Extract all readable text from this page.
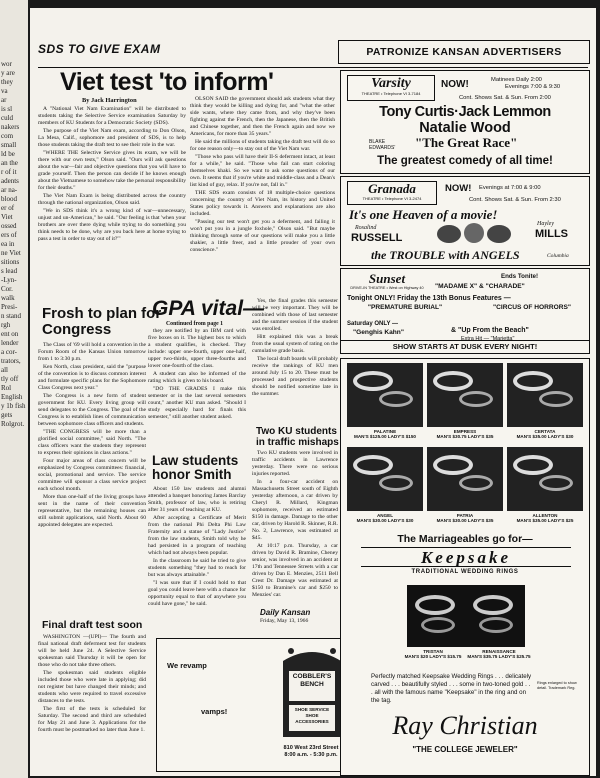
wor
y are
they
va
ar
is sl
culd
nakers
com
small
ld be
an the
r of it
adents
ar na-
blood
er of
Viet
ossed
ers of
ea in
ne Viet
sitions
s lead
-Lyn-
Cor.
walk
Presi-
n stand
rgh
ent on
lender
a cor-
trators,
all
tly off
Rol
English
y 1b fish
gets
Rolgrot.
SDS TO GIVE EXAM	PATRONIZE KANSAN ADVERTISERS
Viet test 'to inform'
By Jack Harrington

A "National Viet Nam Examination" will be distributed to students taking the Selective Service examination Saturday by members of KU Students for a Democratic Society (SDS).

The purpose of the Viet Nam exam, according to Don Olson, La Mesa, Calif., sophomore and president of SDS, is to help those students taking the draft test to see their role in the war.

"WHERE THE Selective Service gives its exam, we will be there with our own tests," Olson said. "Ours will ask questions about the war—fair and objective questions that you will have to grade yourself. Then the person can decide if he knows enough about the Vietnamese to somehow take the personal responsibility for their deaths."

The Viet Nam Exam is being distributed across the country through the national organization, Olson said.

"We in SDS think it's a wrong kind of war—unnecessary, unjust and un-American," he said. "Our feeling is that 'when your brothers are over there dying while trying to do something you think needs to be done, why are you back here at home trying to pass a test in order to stay out of it?'"

OLSON SAID the government should ask students what they think they would be killing and dying for, and "what the other side wants, where they came from, and why they've been fighting against the French, then the Japanese, then the British and Chinese together, and then the French again and now we Americans, for more than 35 years."

He said the millions of students taking the draft test will do so for one reason only—to stay out of the Viet Nam war.

"Those who pass will have their II-S deferment intact, at least for a while," he said. "Those who fail can start coloring themselves khaki. So we want to ask some questions of our own. It seems that if you're white and middle-class and a Dean's list kind of guy, relax. If you're not, fall in."

THE SDS exam consists of 18 multiple-choice questions concerning the country of Viet Nam, its history and United States policy towards it. Answers and explanations are also included.

"Passing our test won't get you a deferment, and failing it won't put you in a jungle foxhole," Olson said. "But maybe thinking through some of our questions will make you a little shakier, a little freer, and a little prouder of your own conscience."

Frosh to plan for Congress

The Class of '69 will hold a convention in the Forum Room of the Kansas Union tomorrow from 1 to 3:30 p.m.

Ken North, class president, said the "purpose of the convention is to discuss common interest and formulate specific plans for the Sophomore Class Congress next year."

The Congress is a new form of student government for KU. Every living group will send delegates to the Congress. The goal of the Congress is to establish lines of communication between sophomore class officers and students.

"THE CONGRESS will be more than a glorified social committee," said North. "The class officers want the students they represent to express their opinions in class actions."

Four major areas of class concern will be emphasized by Congress committees: financial, social, promotional and service. The service committee will sponsor a class service project each school month.

More than one-half of the living groups have sent in the name of their convention representative, but the remaining houses can still submit applications, said North. About 60 appointed delegates are expected.

Final draft test soon

WASHINGTON —(UPI)— The fourth and final national draft deferment test for students will be held June 24. A Selective Service spokesman said Thursday it will be open for those who do not take three others.

The spokesman said students eligible included those who were late in applying; did not register but have changed their minds; and students who were required to travel excessive distances to the tests.

The first of the tests is scheduled for Saturday. The second and third are scheduled for May 21 and June 3. Applications for the fourth must be postmarked no later than June 1.

GPA vital—
Continued from page 1

they are notified by an IBM card with five boxes on it. The highest box to which a student qualifies, is checked. They include: upper one-fourth, upper one-half, upper two-thirds, upper three-fourths and lower one-fourth of the class.

A student can also be informed of the rating which is given to his board.

"DO THE GRADES I make this semester or in the last several semesters count," another KU man asked. "Should I study especially hard for finals this semester," still another student asked.

Yes, the final grades this semester will be very important. They will be combined with those of last semester and the summer session if the student was enrolled.

Hitt explained this was a break from the usual system of rating on the cumulative grade basis.

The local draft boards will probably receive the rankings of KU men around July 15 to 20. These must be processed and prospective students should be notified sometime late in the summer.

Law students honor Smith

About 150 law students and alumni attended a banquet honoring James Barclay Smith, professor of law, who is retiring after 31 years of teaching at KU.

After accepting a Certificate of Merit from the national Phi Delta Phi Law Fraternity and a statue of "Lady Justice" from the law students, Smith told why he had persisted in a program of teaching which had not always been popular.

In the classroom he said he tried to give students something "they had to reach for but was always attainable."

"I was sure that if I could hold to that goal you could leave here with a chance for opportunity equal to that of anywhere you could have gone," he said.

Two KU students in traffic mishaps

Two KU students were involved in traffic accidents in Lawrence yesterday. There were no serious injuries reported.

In a four-car accident on Massachusetts Street south of Eighth yesterday afternoon, a car driven by Cheryl R. Millard, Kingman sophomore, received an estimated $150 in damage. Damage to the other car, driven by Harold R. Skinner, R.R. No. 2, Lawrence, was estimated at $45.

At 10:17 p.m. Thursday, a car driven by David R. Bramine, Cheney senior, was involved in an accident at 17th and Tennessee Streets with a car driven by Dan E. Menzies, 2511 Bell Crest Dr. Damage was estimated at $150 to Bramine's car and $250 to Menzies' car.

Daily Kansan
Friday, May 13, 1966
We revamp
vamps!
COBBLER'S
BENCH
SHOE SERVICE
SHOE ACCESSORIES
810 West 23rd Street
8:00 a.m. - 5:30 p.m.
Varsity
THEATRE • Telephone VI 3-7184
NOW!	Matinees Daily 2:00
Evenings 7:00 & 9:30
Cont. Shows Sat. & Sun. From 2:00
Tony Curtis·Jack Lemmon
Natalie Wood
BLAKE EDWARDS'	"The Great Race"
The greatest comedy of all time!
Granada
THEATRE • Telephone VI 3-2474
NOW! Evenings at 7:00 & 9:00
Cont. Shows Sat. & Sun. From 2:30
It's one Heaven of a movie!
Rosalind
RUSSELL
Hayley
MILLS
the TROUBLE with ANGELS	Columbia
Sunset
DRIVE-IN THEATRE • West on Highway 40
Ends Tonite!
"MADAME X" & "CHARADE"
Tonight ONLY! Friday the 13th Bonus Features —
"PREMATURE BURIAL"	"CIRCUS OF HORRORS"
Saturday ONLY —
"Genghis Kahn"	& "Up From the Beach"
Extra Hit — "Marietta"
SHOW STARTS AT DUSK EVERY NIGHT!
PALATINE
MAN'S $125.00 LADY'S $150
EMPRESS
MAN'S $30.75 LADY'S $35
CERTATA
MAN'S $35.00 LADY'S $30
ANGEL
MAN'S $30.00 LADY'S $30
PATRIA
MAN'S $30.00 LADY'S $35
ALLENTON
MAN'S $35.00 LADY'S $25
The Marriageables go for—
Keepsake
TRADITIONAL WEDDING RINGS
TRISTAN
MAN'S $20 LADY'S $15.75
RENAISSANCE
MAN'S $35.75 LADY'S $25.75
Perfectly matched Keepsake Wedding Rings . . . delicately carved . . . beautifully styled . . . some in two-toned gold . . . all with the famous name "Keepsake" in the ring and on the tag.
Rings enlarged to show detail. Trademark Reg.
Ray Christian
"THE COLLEGE JEWELER"
